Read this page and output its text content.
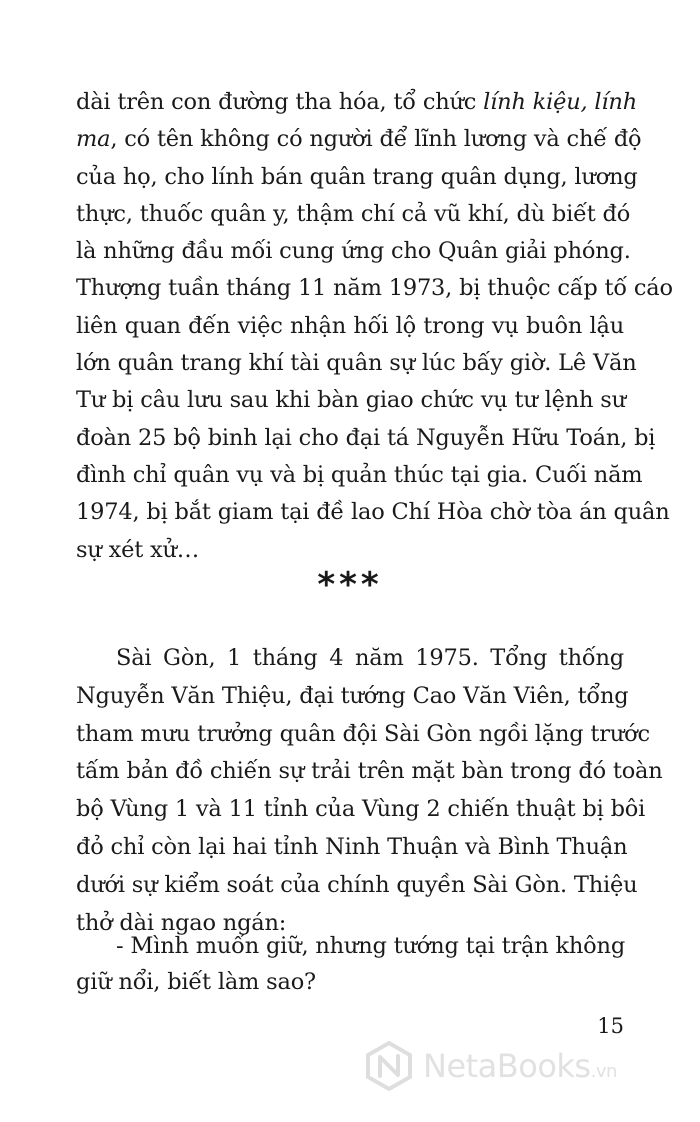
dài trên con đường tha hóa, tổ chức lính kiệu, lính
ma, có tên không có người để lĩnh lương và chế độ
của họ, cho lính bán quân trang quân dụng, lương
thực, thuốc quân y, thậm chí cả vũ khí, dù biết đó
là những đầu mối cung ứng cho Quân giải phóng.
Thượng tuần tháng 11 năm 1973, bị thuộc cấp tố cáo
liên quan đến việc nhận hối lộ trong vụ buôn lậu
lớn quân trang khí tài quân sự lúc bấy giờ. Lê Văn
Tư bị câu lưu sau khi bàn giao chức vụ tư lệnh sư
đoàn 25 bộ binh lại cho đại tá Nguyễn Hữu Toán, bị
đình chỉ quân vụ và bị quản thúc tại gia. Cuối năm
1974, bị bắt giam tại đề lao Chí Hòa chờ tòa án quân
sự xét xử…
***
Sài Gòn, 1 tháng 4 năm 1975. Tổng thống
Nguyễn Văn Thiệu, đại tướng Cao Văn Viên, tổng
tham mưu trưởng quân đội Sài Gòn ngồi lặng trước
tấm bản đồ chiến sự trải trên mặt bàn trong đó toàn
bộ Vùng 1 và 11 tỉnh của Vùng 2 chiến thuật bị bôi
đỏ chỉ còn lại hai tỉnh Ninh Thuận và Bình Thuận
dưới sự kiểm soát của chính quyền Sài Gòn. Thiệu
thở dài ngao ngán:
- Mình muốn giữ, nhưng tướng tại trận không
giữ nổi, biết làm sao?
15
NetaBooks.vn
